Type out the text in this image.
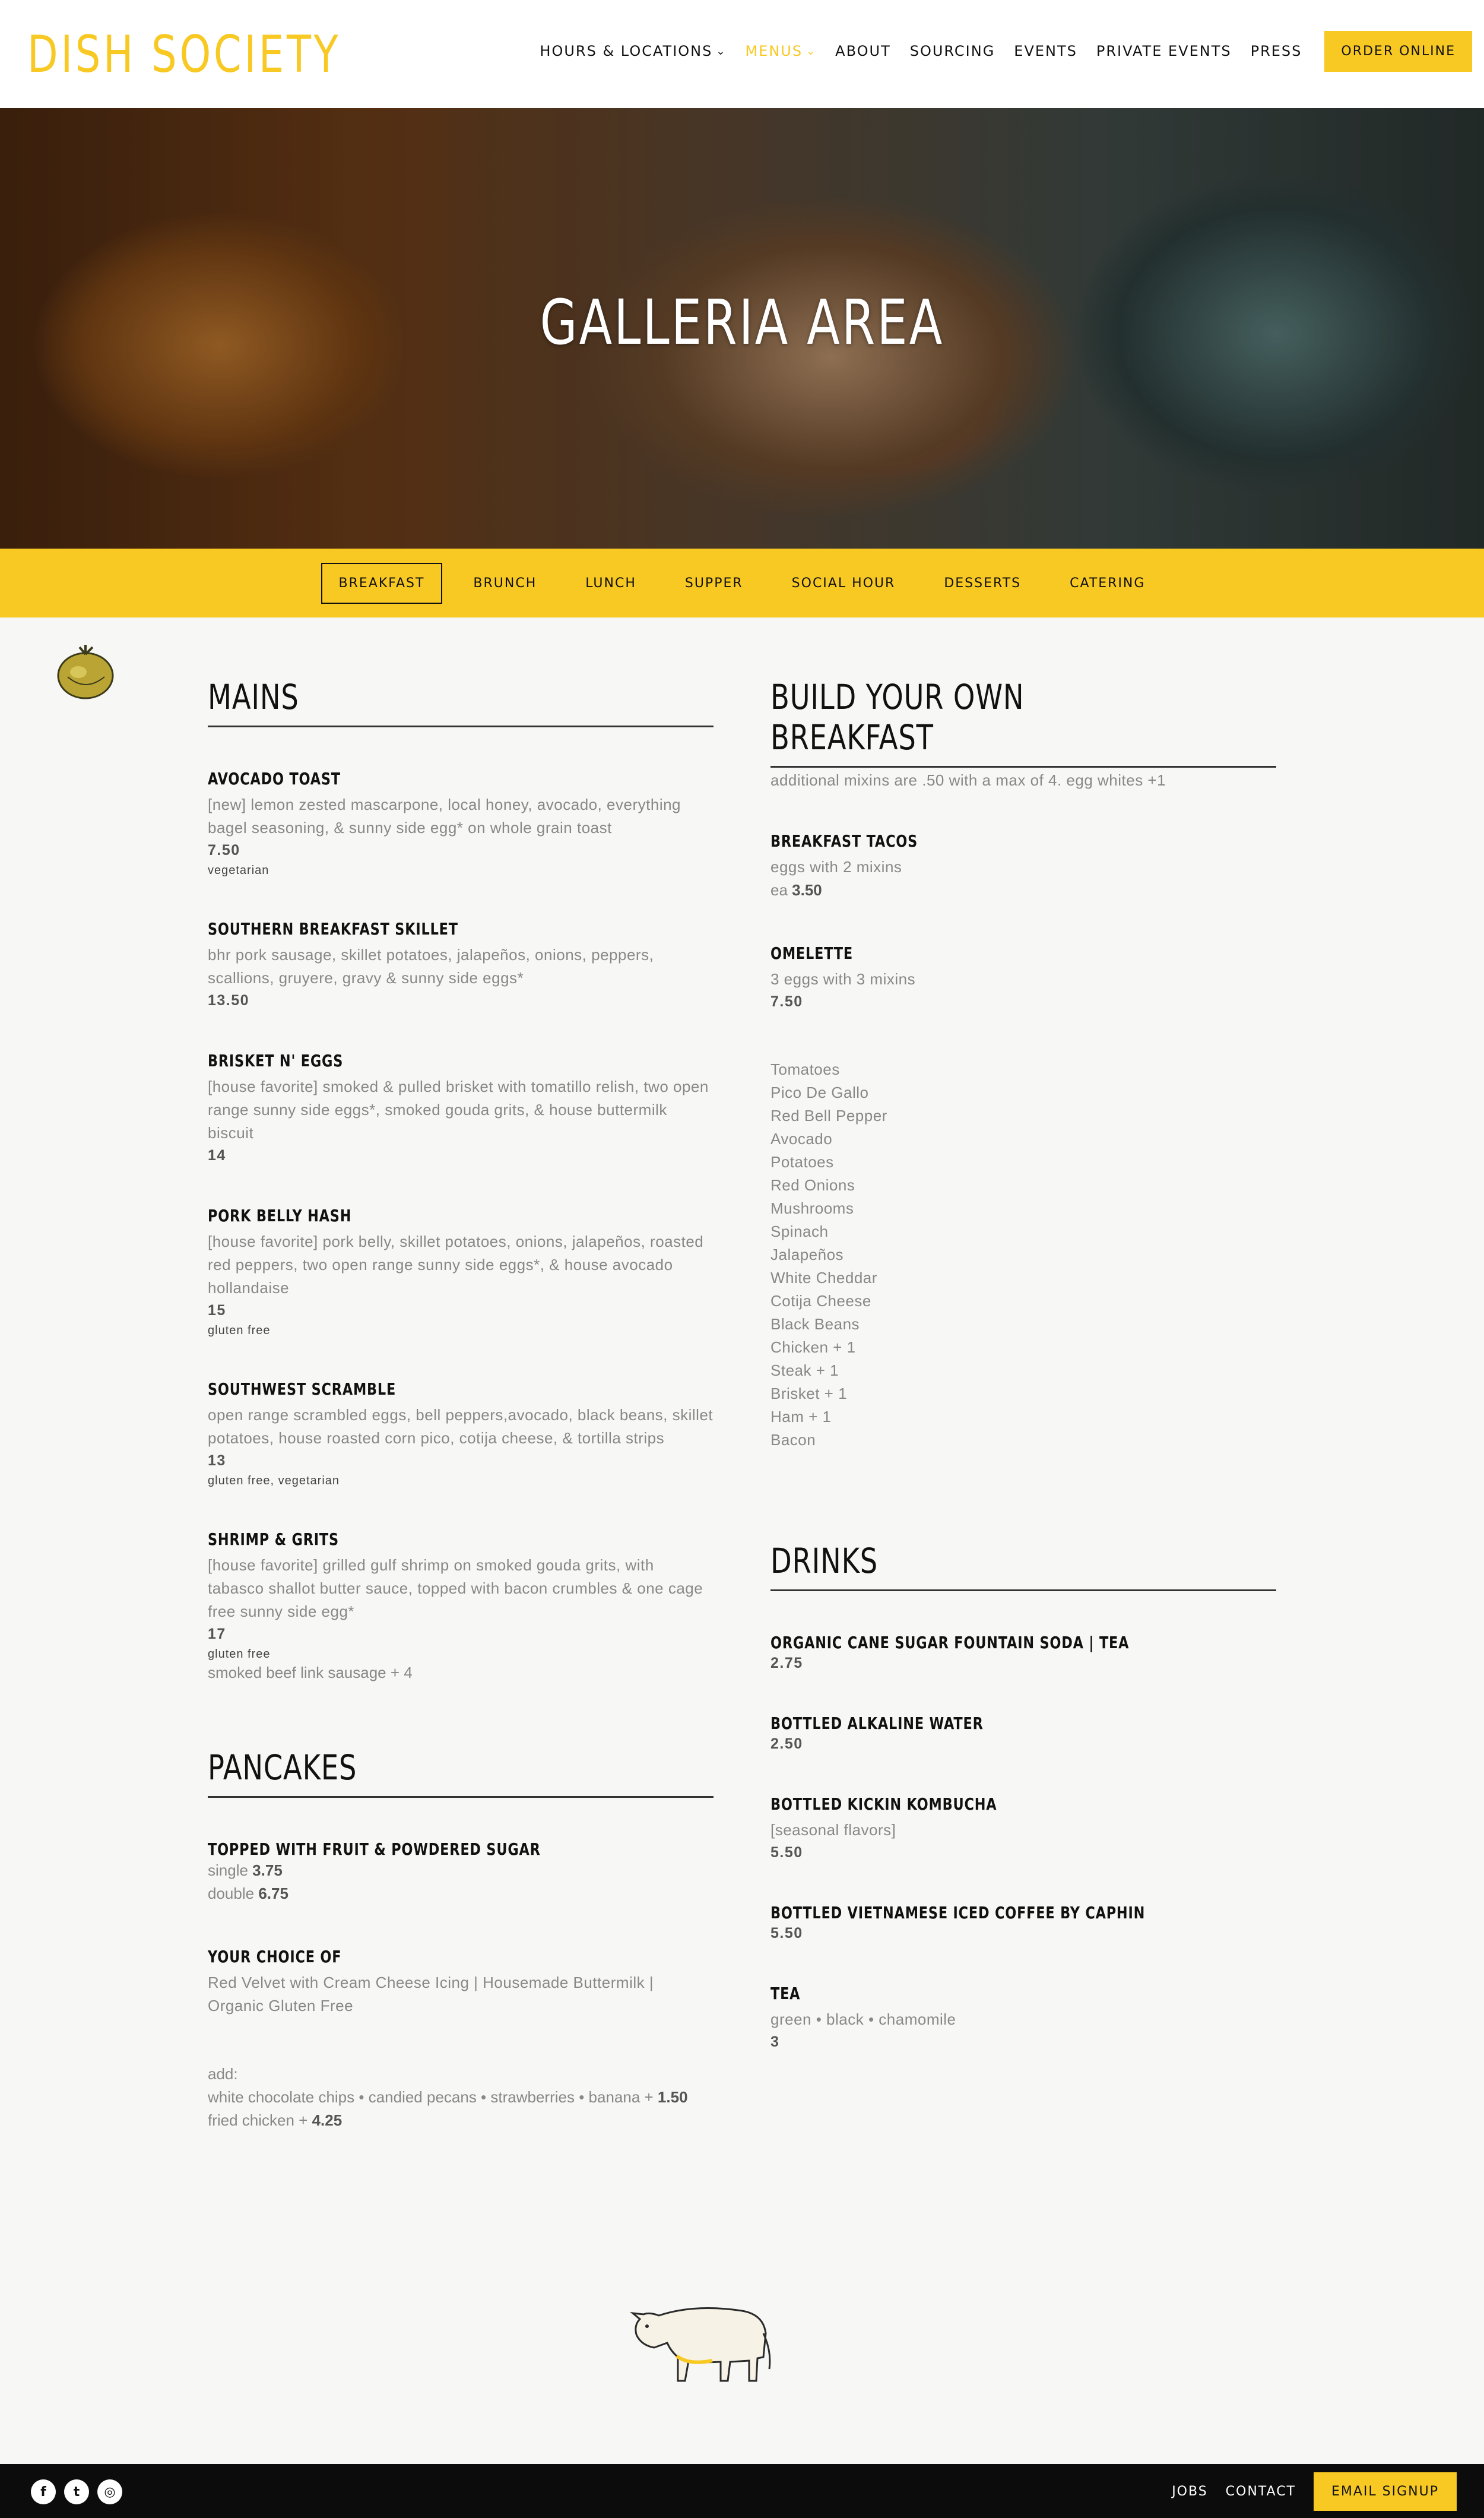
DISH SOCIETY	HOURS & LOCATIONS ⌄ MENUS ⌄ ABOUT SOURCING EVENTS PRIVATE EVENTS PRESS	ORDER ONLINE
GALLERIA AREA
BREAKFAST	BRUNCH	LUNCH	SUPPER	SOCIAL HOUR	DESSERTS	CATERING
MAINS
AVOCADO TOAST
[new] lemon zested mascarpone, local honey, avocado, everything bagel seasoning, & sunny side egg* on whole grain toast
7.50
vegetarian
SOUTHERN BREAKFAST SKILLET
bhr pork sausage, skillet potatoes, jalapeños, onions, peppers, scallions, gruyere, gravy & sunny side eggs*
13.50
BRISKET N' EGGS
[house favorite] smoked & pulled brisket with tomatillo relish, two open range sunny side eggs*, smoked gouda grits, & house buttermilk biscuit
14
PORK BELLY HASH
[house favorite] pork belly, skillet potatoes, onions, jalapeños, roasted red peppers, two open range sunny side eggs*, & house avocado hollandaise
15
gluten free
SOUTHWEST SCRAMBLE
open range scrambled eggs, bell peppers,avocado, black beans, skillet potatoes, house roasted corn pico, cotija cheese, & tortilla strips
13
gluten free, vegetarian
SHRIMP & GRITS
[house favorite] grilled gulf shrimp on smoked gouda grits, with tabasco shallot butter sauce, topped with bacon crumbles & one cage free sunny side egg*
17
gluten free
smoked beef link sausage + 4
PANCAKES
TOPPED WITH FRUIT & POWDERED SUGAR
single 3.75
double 6.75
YOUR CHOICE OF
Red Velvet with Cream Cheese Icing | Housemade Buttermilk | Organic Gluten Free
add:
white chocolate chips • candied pecans • strawberries • banana + 1.50
fried chicken + 4.25
BUILD YOUR OWN BREAKFAST
additional mixins are .50 with a max of 4. egg whites +1
BREAKFAST TACOS
eggs with 2 mixins
ea 3.50
OMELETTE
3 eggs with 3 mixins
7.50
Tomatoes
Pico De Gallo
Red Bell Pepper
Avocado
Potatoes
Red Onions
Mushrooms
Spinach
Jalapeños
White Cheddar
Cotija Cheese
Black Beans
Chicken + 1
Steak + 1
Brisket + 1
Ham + 1
Bacon
DRINKS
ORGANIC CANE SUGAR FOUNTAIN SODA | TEA
2.75
BOTTLED ALKALINE WATER
2.50
BOTTLED KICKIN KOMBUCHA
[seasonal flavors]
5.50
BOTTLED VIETNAMESE ICED COFFEE BY CAPHIN
5.50
TEA
green • black • chamomile
3
f	t	◎	JOBS CONTACT	EMAIL SIGNUP
